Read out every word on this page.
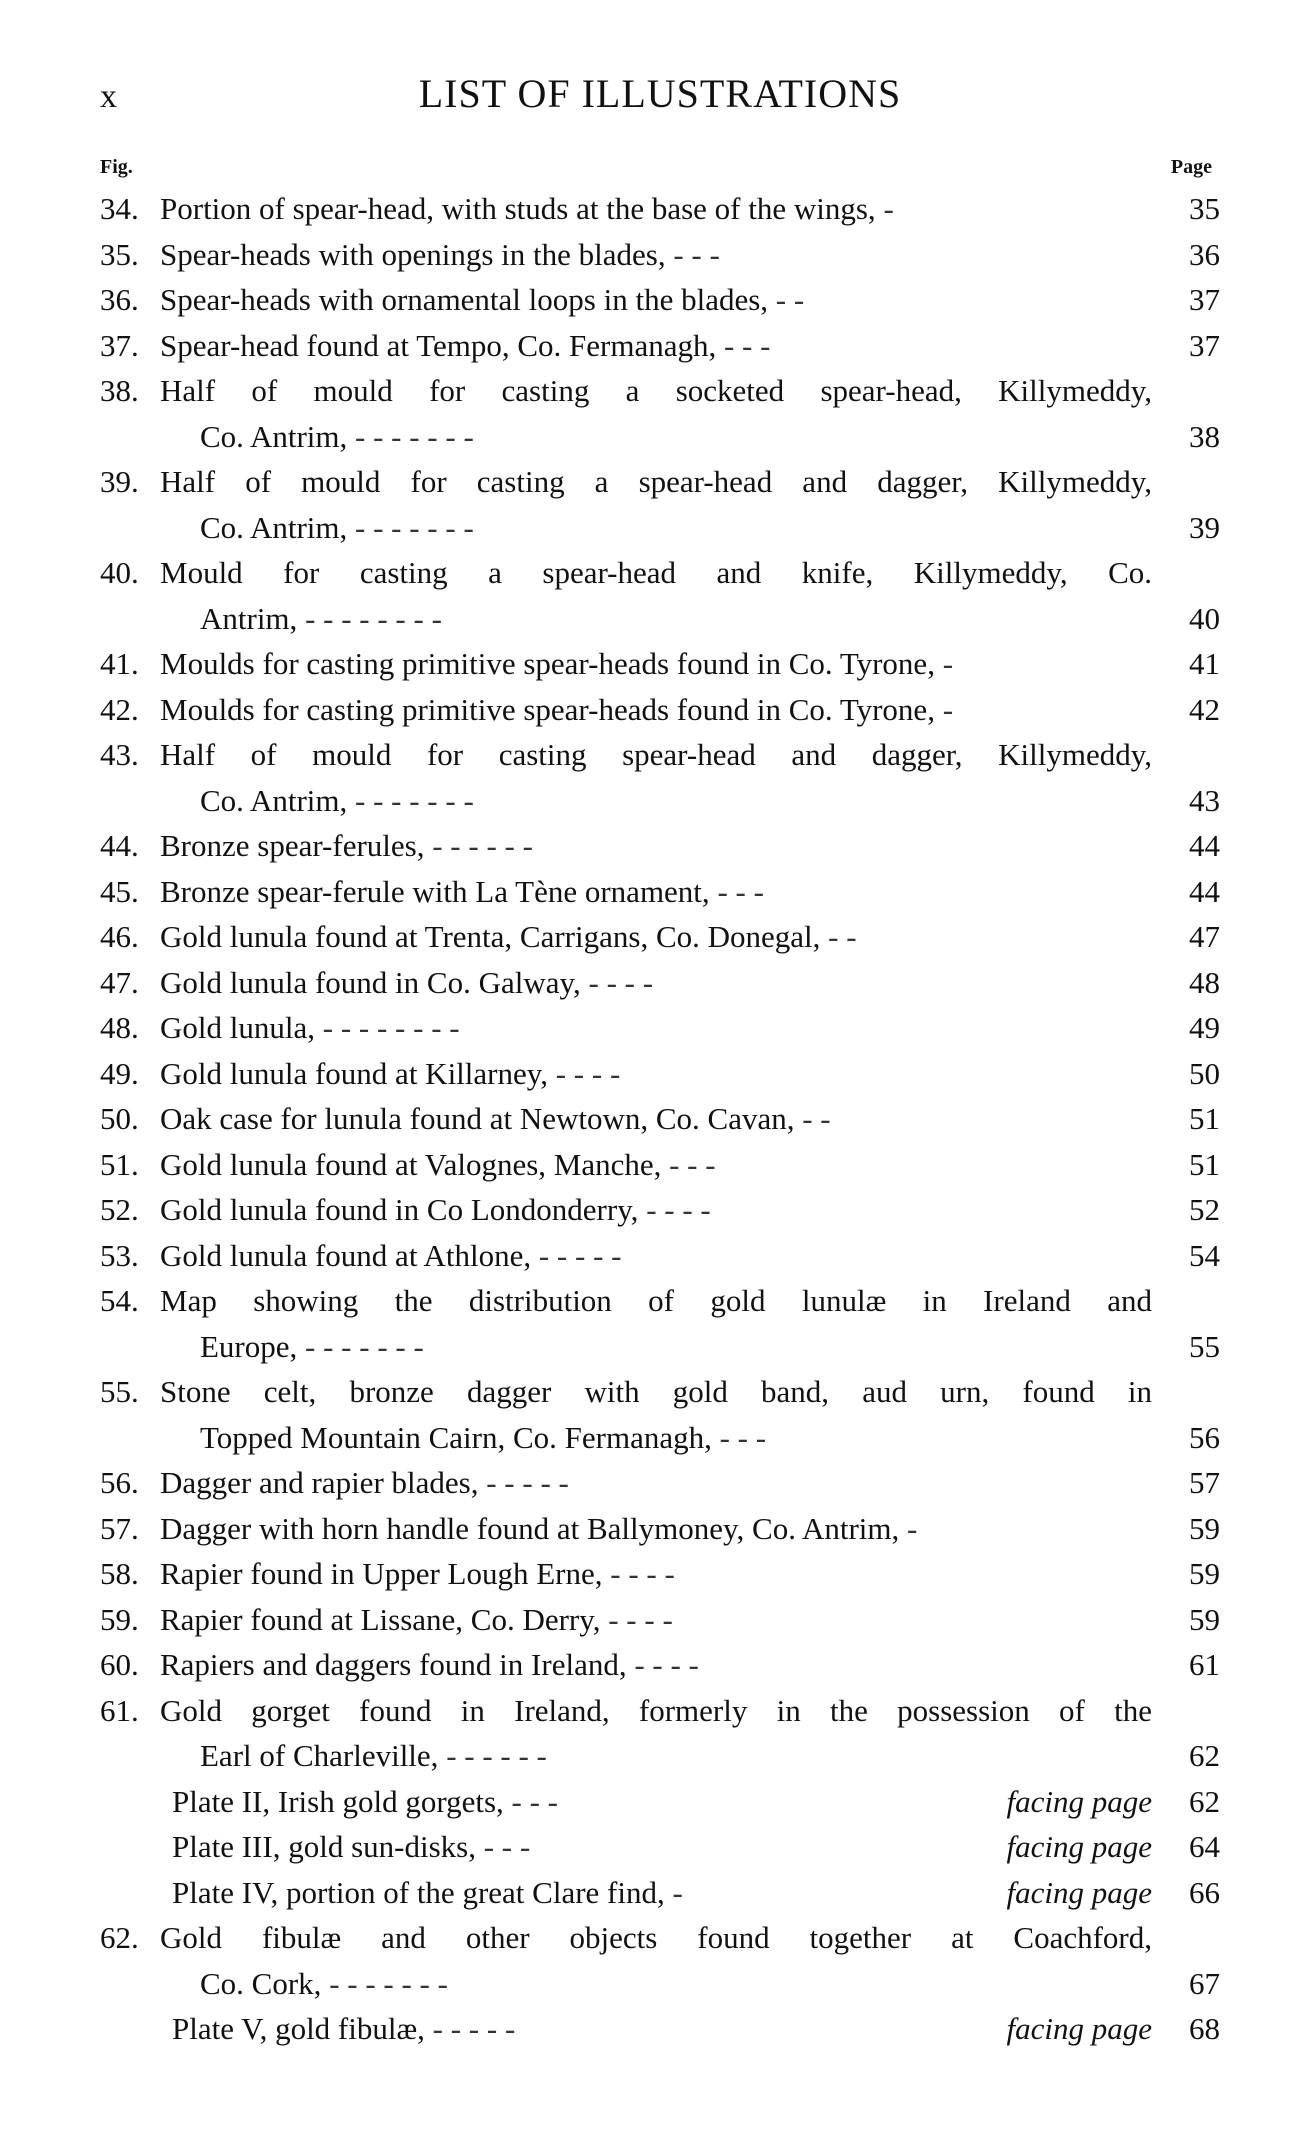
x	LIST OF ILLUSTRATIONS
Fig.	Page
34. Portion of spear-head, with studs at the base of the wings, -	35
35. Spear-heads with openings in the blades, - - -	36
36. Spear-heads with ornamental loops in the blades, - -	37
37. Spear-head found at Tempo, Co. Fermanagh, - - -	37
38. Half of mould for casting a socketed spear-head, Killymeddy,
Co. Antrim, - - - - - - -	38
39. Half of mould for casting a spear-head and dagger, Killymeddy,
Co. Antrim, - - - - - - -	39
40. Mould for casting a spear-head and knife, Killymeddy, Co.
Antrim, - - - - - - - -	40
41. Moulds for casting primitive spear-heads found in Co. Tyrone, -	41
42. Moulds for casting primitive spear-heads found in Co. Tyrone, -	42
43. Half of mould for casting spear-head and dagger, Killymeddy,
Co. Antrim, - - - - - - -	43
44. Bronze spear-ferules, - - - - - -	44
45. Bronze spear-ferule with La Tène ornament, - - -	44
46. Gold lunula found at Trenta, Carrigans, Co. Donegal, - -	47
47. Gold lunula found in Co. Galway, - - - -	48
48. Gold lunula, - - - - - - - -	49
49. Gold lunula found at Killarney, - - - -	50
50. Oak case for lunula found at Newtown, Co. Cavan, - -	51
51. Gold lunula found at Valognes, Manche, - - -	51
52. Gold lunula found in Co Londonderry, - - - -	52
53. Gold lunula found at Athlone, - - - - -	54
54. Map showing the distribution of gold lunulæ in Ireland and
Europe, - - - - - - -	55
55. Stone celt, bronze dagger with gold band, aud urn, found in
Topped Mountain Cairn, Co. Fermanagh, - - -	56
56. Dagger and rapier blades, - - - - -	57
57. Dagger with horn handle found at Ballymoney, Co. Antrim, -	59
58. Rapier found in Upper Lough Erne, - - - -	59
59. Rapier found at Lissane, Co. Derry, - - - -	59
60. Rapiers and daggers found in Ireland, - - - -	61
61. Gold gorget found in Ireland, formerly in the possession of the
Earl of Charleville, - - - - - -	62
Plate II, Irish gold gorgets, - - -	facing page	62
Plate III, gold sun-disks, - - -	facing page	64
Plate IV, portion of the great Clare find, -	facing page	66
62. Gold fibulæ and other objects found together at Coachford,
Co. Cork, - - - - - - -	67
Plate V, gold fibulæ, - - - - -	facing page	68
